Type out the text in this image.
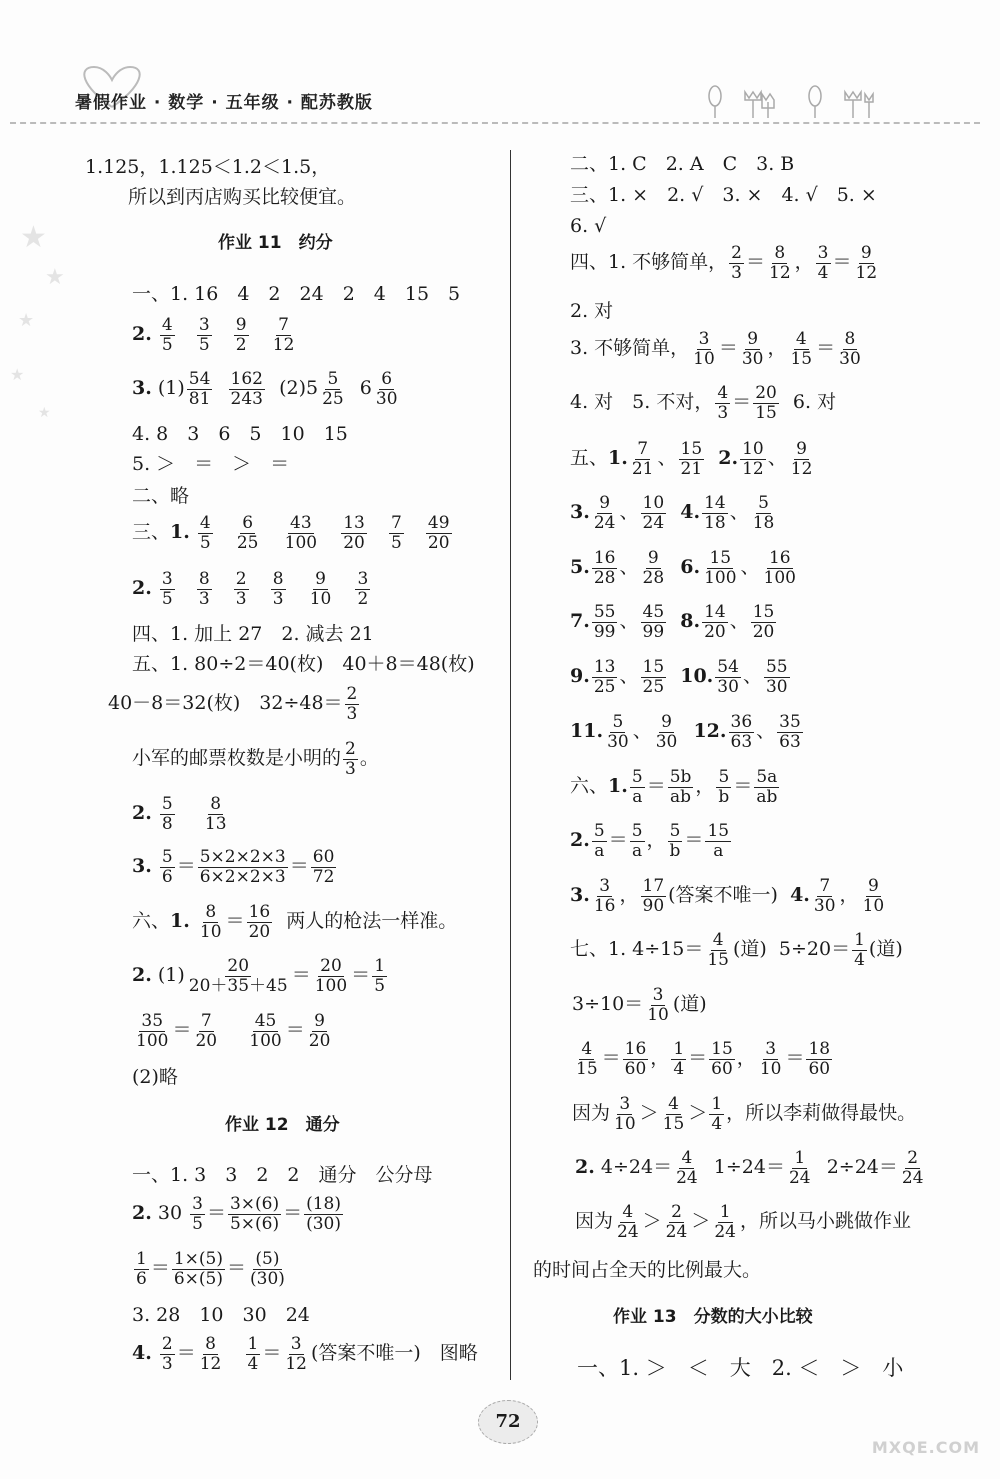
★
★
★
★
★
暑假作业 · 数学 · 五年级 · 配苏教版
1.125，1.125＜1.2＜1.5，
所以到丙店购买比较便宜。
作业 11　约分
一、1. 16　4　2　24　2　4　15　5
2. $\frac{4}{5}$
$\frac{3}{5}$
$\frac{9}{2}$
$\frac{7}{12}$
3. $(1) \frac{54}{81}$
$\frac{162}{243} (2)5 \frac{5}{25} 6 \frac{6}{30}$
4. 8　3　6　5　10　15
5. ＞　＝　＞　＝
二、略
三、1. $\frac{4}{5}$
$\frac{6}{25}$
$\frac{43}{100}$
$\frac{13}{20}$
$\frac{7}{5}$
$\frac{49}{20}$
2. $\frac{3}{5}$
$\frac{8}{3}$
$\frac{2}{3}$
$\frac{8}{3}$
$\frac{9}{10}$
$\frac{3}{2}$
四、1. 加上 27　2. 减去 21
五、1. 80÷2＝40(枚)　40＋8＝48(枚)
40－8＝32(枚)　$32\div 48= \frac{2}{3}$
小军的邮票枚数是小明的 $\frac{2}{3}$ 。
2. $\frac{5}{8}$
$\frac{8}{13}$
3. $\frac{5}{6} = \frac{5\times 2\times 2\times 3}{6\times 2\times 2\times 3} = \frac{60}{72}$
六、1. $\frac{8}{10} = \frac{16}{20}$ 两人的枪法一样准。
2. $(1) \frac{20}{20+35+45} = \frac{20}{100} = \frac{1}{5}$
$\frac{35}{100} = \frac{7}{20}$
$\frac{45}{100} = \frac{9}{20}$
(2)略
作业 12　通分
一、1. 3　3　2　2　通分　公分母
2. $30 \frac{3}{5} = \frac{3\times(6)}{5\times(6)} = \frac{(18)}{(30)}$
$\frac{1}{6} = \frac{1\times(5)}{6\times(5)} = \frac{(5)}{(30)}$
3. 28　10　30　24
4. $\frac{2}{3} = \frac{8}{12}$
$\frac{1}{4} = \frac{3}{12}$ (答案不唯一)　图略
二、1. C　2. A　C　3. B
三、1. ×　2. √　3. ×　4. √　5. ×
6. √
四、1. 不够简单， $\frac{2}{3} = \frac{8}{12}$ ， $\frac{3}{4} = \frac{9}{12}$
2. 对
3. 不够简单， $\frac{3}{10} = \frac{9}{30}$ ， $\frac{4}{15} = \frac{8}{30}$
4. 对　5. 不对， $\frac{4}{3} = \frac{20}{15} 6$. 对
五、1. $\frac{7}{21}$ 、 $\frac{15}{21} 2$. $\frac{10}{12}$ 、 $\frac{9}{12}$
3. $\frac{9}{24}$ 、 $\frac{10}{24} 4$. $\frac{14}{18}$ 、 $\frac{5}{18}$
5. $\frac{16}{28}$ 、 $\frac{9}{28} 6$. $\frac{15}{100}$ 、 $\frac{16}{100}$
7. $\frac{55}{99}$ 、 $\frac{45}{99} 8$. $\frac{14}{20}$ 、 $\frac{15}{20}$
9. $\frac{13}{25}$ 、 $\frac{15}{25} 10$. $\frac{54}{30}$ 、 $\frac{55}{30}$
11. $\frac{5}{30}$ 、 $\frac{9}{30} 12$. $\frac{36}{63}$ 、 $\frac{35}{63}$
六、1. $\frac{5}{a} = \frac{5b}{ab}$ ， $\frac{5}{b} = \frac{5a}{ab}$
2. $\frac{5}{a} = \frac{5}{a}$ ， $\frac{5}{b} = \frac{15}{a}$
3. $\frac{3}{16}$ ， $\frac{17}{90}$ (答案不唯一) 4. $\frac{7}{30}$ ， $\frac{9}{10}$
七、1. $4\div 15= \frac{4}{15}$ (道)  $5\div 20= \frac{1}{4}$ (道)
$3\div 10= \frac{3}{10}$ (道)
$\frac{4}{15} = \frac{16}{60}$ ， $\frac{1}{4} = \frac{15}{60}$ ， $\frac{3}{10} = \frac{18}{60}$
因为 $\frac{3}{10} > \frac{4}{15} > \frac{1}{4}$ ，所以李莉做得最快。
2. $4\div 24= \frac{4}{24} 1\div 24= \frac{1}{24} 2\div 24= \frac{2}{24}$
因为 $\frac{4}{24} > \frac{2}{24} > \frac{1}{24}$ ，所以马小跳做作业
的时间占全天的比例最大。
作业 13　分数的大小比较
一、1. ＞　＜　大　2. ＜　＞　小
72
MXQE.COM
